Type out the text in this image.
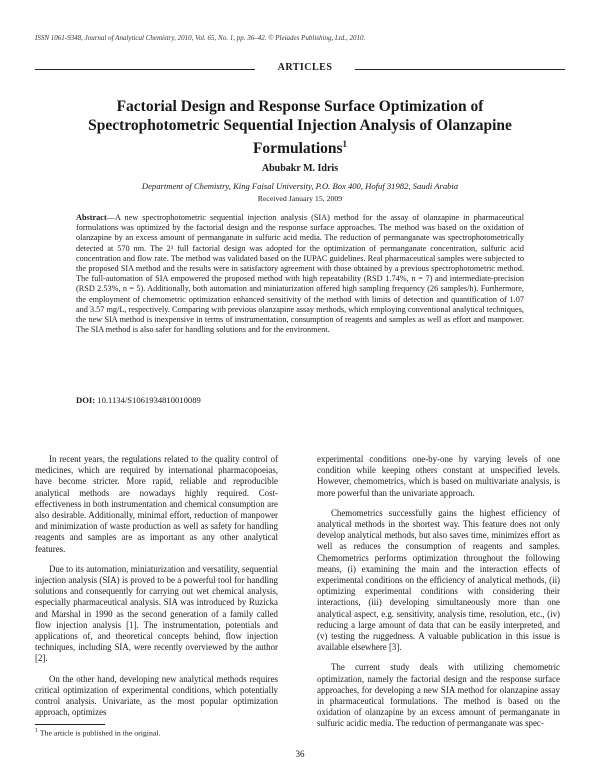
ISSN 1061-9348, Journal of Analytical Chemistry, 2010, Vol. 65, No. 1, pp. 36–42. © Pleiades Publishing, Ltd., 2010.
ARTICLES
Factorial Design and Response Surface Optimization of Spectrophotometric Sequential Injection Analysis of Olanzapine Formulations$^1$
Abubakr M. Idris
Department of Chemistry, King Faisal University, P.O. Box 400, Hofuf 31982, Saudi Arabia
Received January 15, 2009
Abstract—A new spectrophotometric sequential injection analysis (SIA) method for the assay of olanzapine in pharmaceutical formulations was optimized by the factorial design and the response surface approaches. The method was based on the oxidation of olanzapine by an excess amount of permanganate in sulfuric acid media. The reduction of permanganate was spectrophotometrically detected at 570 nm. The 2³ full factorial design was adopted for the optimization of permanganate concentration, sulfuric acid concentration and flow rate. The method was validated based on the IUPAC guidelines. Real pharmaceutical samples were subjected to the proposed SIA method and the results were in satisfactory agreement with those obtained by a previous spectrophotometric method. The full-automation of SIA empowered the proposed method with high repeatability (RSD 1.74%, n = 7) and intermediate-precision (RSD 2.53%, n = 5). Additionally, both automation and miniaturization offered high sampling frequency (26 samples/h). Furthermore, the employment of chemometric optimization enhanced sensitivity of the method with limits of detection and quantification of 1.07 and 3.57 mg/L, respectively. Comparing with previous olanzapine assay methods, which employing conventional analytical techniques, the new SIA method is inexpensive in terms of instrumentation, consumption of reagents and samples as well as effort and manpower. The SIA method is also safer for handling solutions and for the environment.
DOI: 10.1134/S1061934810010089

In recent years, the regulations related to the quality control of medicines, which are required by international pharmacopoeias, have become stricter. More rapid, reliable and reproducible analytical methods are nowadays highly required. Cost-effectiveness in both instrumentation and chemical consumption are also desirable. Additionally, minimal effort, reduction of manpower and minimization of waste production as well as safety for handling reagents and samples are as important as any other analytical features.

Due to its automation, miniaturization and versatility, sequential injection analysis (SIA) is proved to be a powerful tool for handling solutions and consequently for carrying out wet chemical analysis, especially pharmaceutical analysis. SIA was introduced by Ruzicka and Marshal in 1990 as the second generation of a family called flow injection analysis [1]. The instrumentation, potentials and applications of, and theoretical concepts behind, flow injection techniques, including SIA, were recently overviewed by the author [2].

On the other hand, developing new analytical methods requires critical optimization of experimental conditions, which potentially control analysis. Univariate, as the most popular optimization approach, optimizes

experimental conditions one-by-one by varying levels of one condition while keeping others constant at unspecified levels. However, chemometrics, which is based on multivariate analysis, is more powerful than the univariate approach.

Chemometrics successfully gains the highest efficiency of analytical methods in the shortest way. This feature does not only develop analytical methods, but also saves time, minimizes effort as well as reduces the consumption of reagents and samples. Chemometrics performs optimization throughout the following means, (i) examining the main and the interaction effects of experimental conditions on the efficiency of analytical methods, (ii) optimizing experimental conditions with considering their interactions, (iii) developing simultaneously more than one analytical aspect, e.g. sensitivity, analysis time, resolution, etc., (iv) reducing a large amount of data that can be easily interpreted, and (v) testing the ruggedness. A valuable publication in this issue is available elsewhere [3].

The current study deals with utilizing chemometric optimization, namely the factorial design and the response surface approaches, for developing a new SIA method for olanzapine assay in pharmaceutical formulations. The method is based on the oxidation of olanzapine by an excess amount of permanganate in sulfuric acidic media. The reduction of permanganate was spec-

$^1$ The article is published in the original.
36
